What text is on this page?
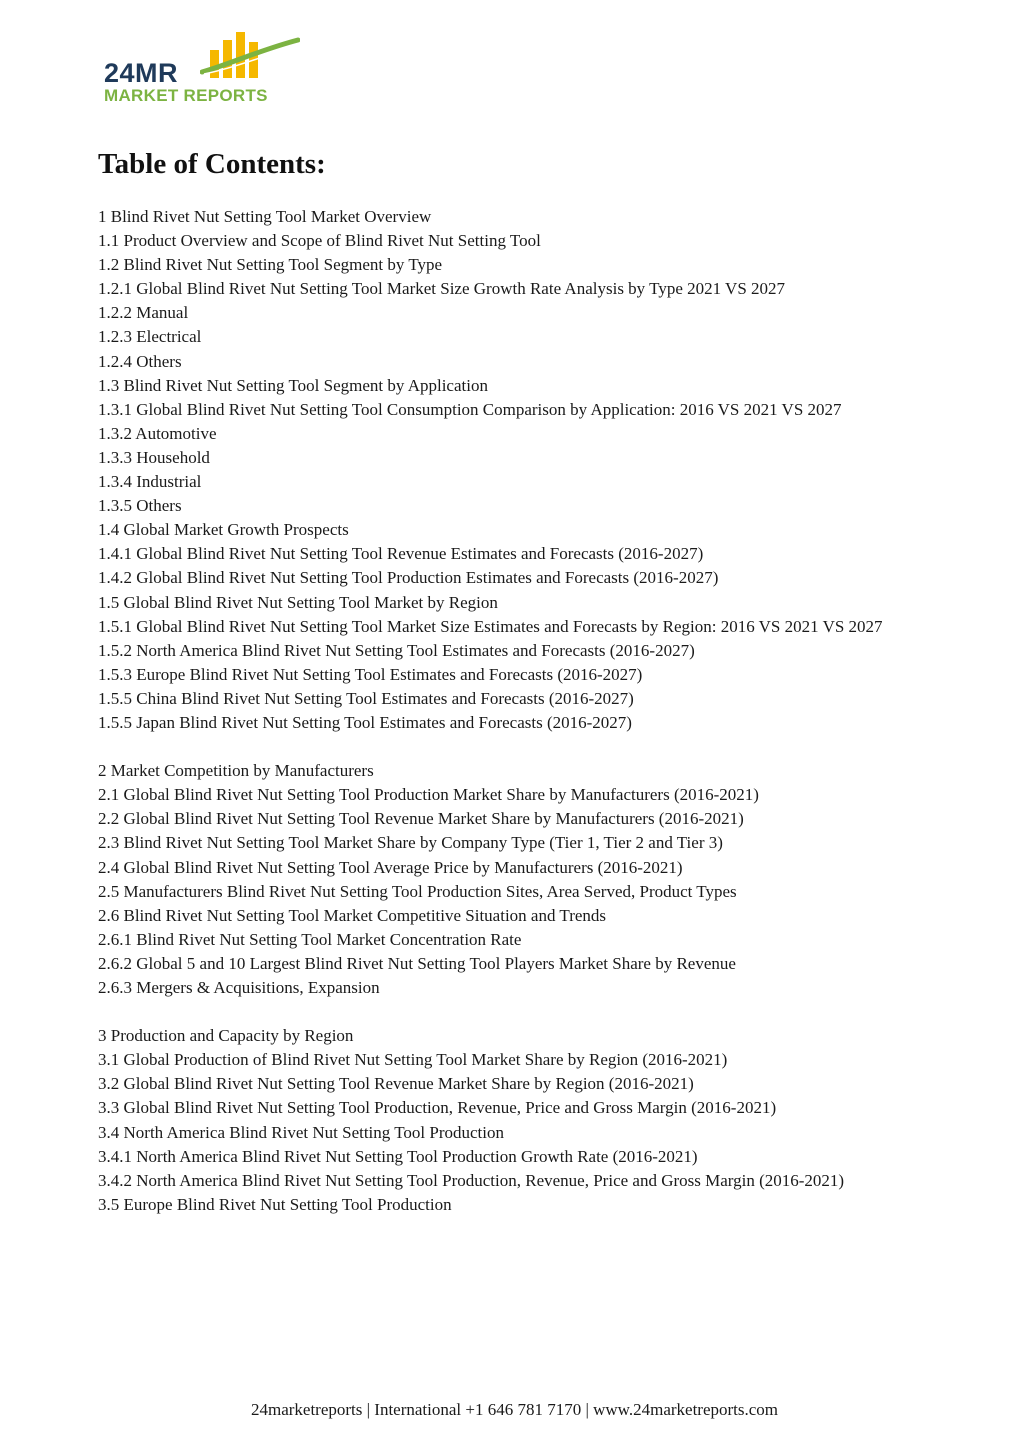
24MR
MARKET REPORTS
Table of Contents:
1 Blind Rivet Nut Setting Tool Market Overview
1.1 Product Overview and Scope of Blind Rivet Nut Setting Tool
1.2 Blind Rivet Nut Setting Tool Segment by Type
1.2.1 Global Blind Rivet Nut Setting Tool Market Size Growth Rate Analysis by Type 2021 VS 2027
1.2.2 Manual
1.2.3 Electrical
1.2.4 Others
1.3 Blind Rivet Nut Setting Tool Segment by Application
1.3.1 Global Blind Rivet Nut Setting Tool Consumption Comparison by Application: 2016 VS 2021 VS 2027
1.3.2 Automotive
1.3.3 Household
1.3.4 Industrial
1.3.5 Others
1.4 Global Market Growth Prospects
1.4.1 Global Blind Rivet Nut Setting Tool Revenue Estimates and Forecasts (2016-2027)
1.4.2 Global Blind Rivet Nut Setting Tool Production Estimates and Forecasts (2016-2027)
1.5 Global Blind Rivet Nut Setting Tool Market by Region
1.5.1 Global Blind Rivet Nut Setting Tool Market Size Estimates and Forecasts by Region: 2016 VS 2021 VS 2027
1.5.2 North America Blind Rivet Nut Setting Tool Estimates and Forecasts (2016-2027)
1.5.3 Europe Blind Rivet Nut Setting Tool Estimates and Forecasts (2016-2027)
1.5.5 China Blind Rivet Nut Setting Tool Estimates and Forecasts (2016-2027)
1.5.5 Japan Blind Rivet Nut Setting Tool Estimates and Forecasts (2016-2027)
2 Market Competition by Manufacturers
2.1 Global Blind Rivet Nut Setting Tool Production Market Share by Manufacturers (2016-2021)
2.2 Global Blind Rivet Nut Setting Tool Revenue Market Share by Manufacturers (2016-2021)
2.3 Blind Rivet Nut Setting Tool Market Share by Company Type (Tier 1, Tier 2 and Tier 3)
2.4 Global Blind Rivet Nut Setting Tool Average Price by Manufacturers (2016-2021)
2.5 Manufacturers Blind Rivet Nut Setting Tool Production Sites, Area Served, Product Types
2.6 Blind Rivet Nut Setting Tool Market Competitive Situation and Trends
2.6.1 Blind Rivet Nut Setting Tool Market Concentration Rate
2.6.2 Global 5 and 10 Largest Blind Rivet Nut Setting Tool Players Market Share by Revenue
2.6.3 Mergers & Acquisitions, Expansion
3 Production and Capacity by Region
3.1 Global Production of Blind Rivet Nut Setting Tool Market Share by Region (2016-2021)
3.2 Global Blind Rivet Nut Setting Tool Revenue Market Share by Region (2016-2021)
3.3 Global Blind Rivet Nut Setting Tool Production, Revenue, Price and Gross Margin (2016-2021)
3.4 North America Blind Rivet Nut Setting Tool Production
3.4.1 North America Blind Rivet Nut Setting Tool Production Growth Rate (2016-2021)
3.4.2 North America Blind Rivet Nut Setting Tool Production, Revenue, Price and Gross Margin (2016-2021)
3.5 Europe Blind Rivet Nut Setting Tool Production
24marketreports | International +1 646 781 7170 | www.24marketreports.com
